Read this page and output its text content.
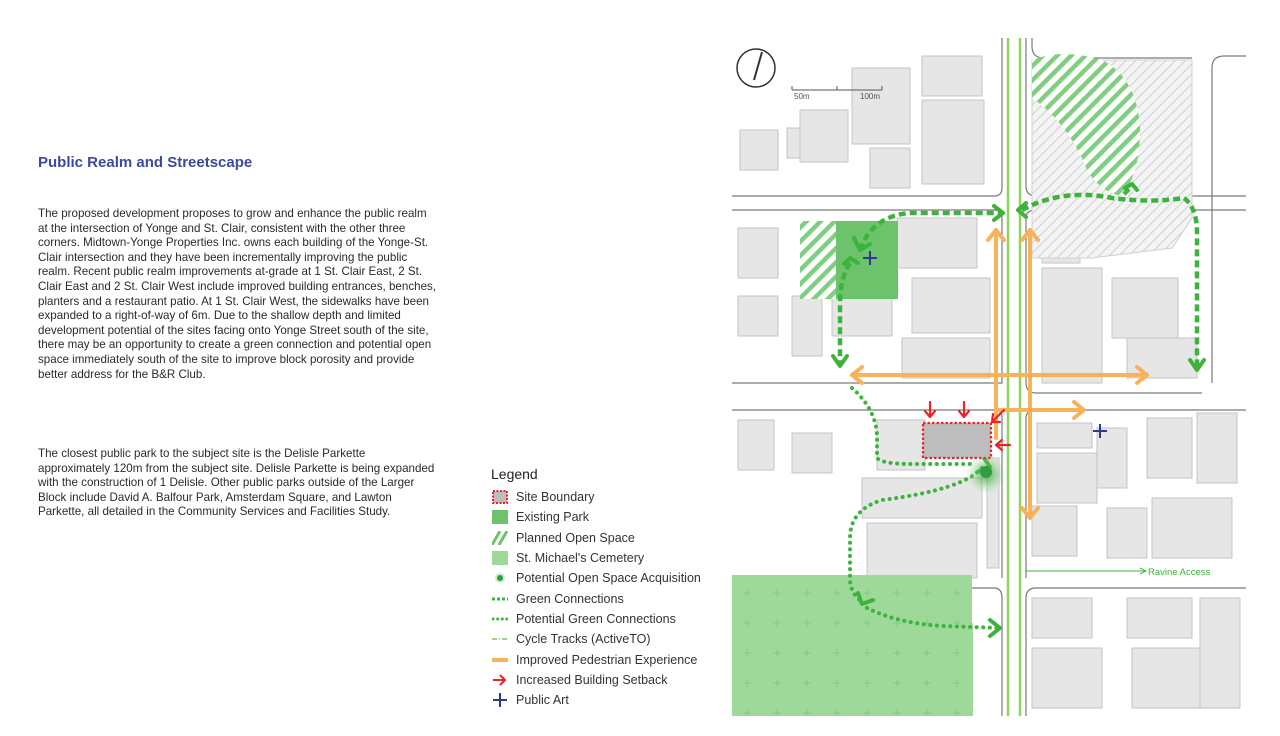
Public Realm and Streetscape
The proposed development proposes to grow and enhance the public realm at the intersection of Yonge and St. Clair, consistent with the other three corners. Midtown-Yonge Properties Inc. owns each building of the Yonge-St. Clair intersection and they have been incrementally improving the public realm. Recent public realm improvements at-grade at 1 St. Clair East, 2 St. Clair East and 2 St. Clair West include improved building entrances, benches, planters and a restaurant patio. At 1 St. Clair West, the sidewalks have been expanded to a right-of-way of 6m. Due to the shallow depth and limited development potential of the sites facing onto Yonge Street south of the site, there may be an opportunity to create a green connection and potential open space immediately south of the site to improve block porosity and provide better address for the B&R Club.
The closest public park to the subject site is the Delisle Parkette approximately 120m from the subject site. Delisle Parkette is being expanded with the construction of 1 Delisle. Other public parks outside of the Larger Block include David A. Balfour Park, Amsterdam Square, and Lawton Parkette, all detailed in the Community Services and Facilities Study.
Legend
Site Boundary
Existing Park
Planned Open Space
St. Michael's Cemetery
Potential Open Space Acquisition
Green Connections
Potential Green Connections
Cycle Tracks (ActiveTO)
Improved Pedestrian Experience
Increased Building Setback
Public Art
Ravine Access
50m	100m
